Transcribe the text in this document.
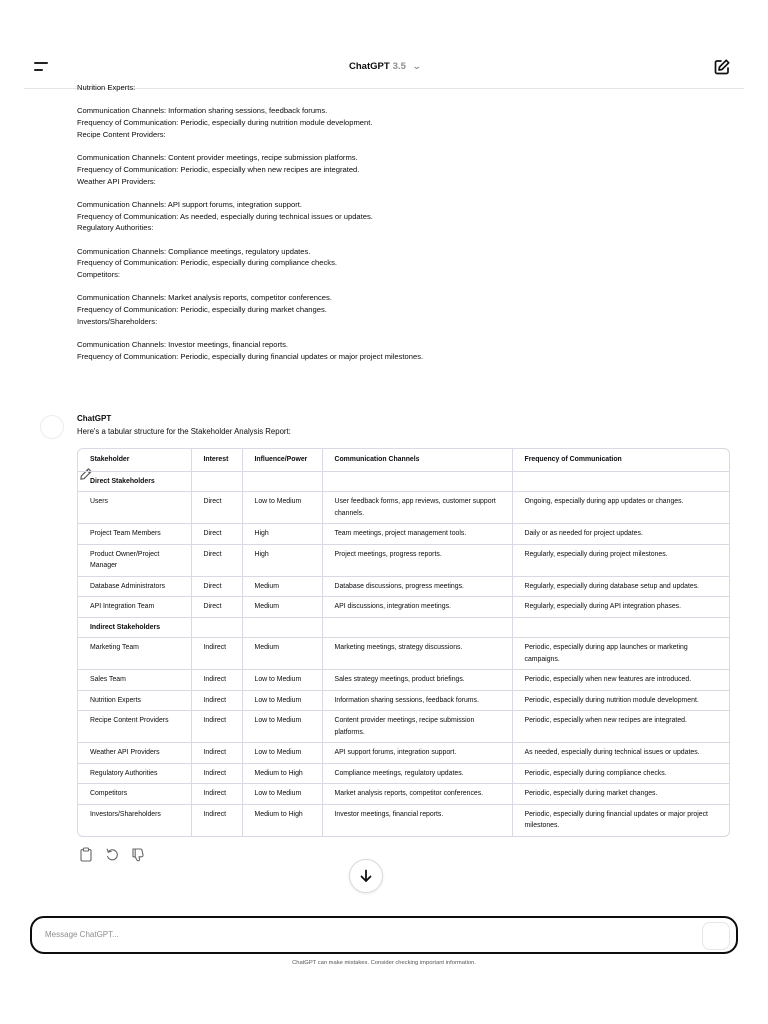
ChatGPT 3.5 ⌄
Nutrition Experts:
Communication Channels: Information sharing sessions, feedback forums.
Frequency of Communication: Periodic, especially during nutrition module development.
Recipe Content Providers:
Communication Channels: Content provider meetings, recipe submission platforms.
Frequency of Communication: Periodic, especially when new recipes are integrated.
Weather API Providers:
Communication Channels: API support forums, integration support.
Frequency of Communication: As needed, especially during technical issues or updates.
Regulatory Authorities:
Communication Channels: Compliance meetings, regulatory updates.
Frequency of Communication: Periodic, especially during compliance checks.
Competitors:
Communication Channels: Market analysis reports, competitor conferences.
Frequency of Communication: Periodic, especially during market changes.
Investors/Shareholders:
Communication Channels: Investor meetings, financial reports.
Frequency of Communication: Periodic, especially during financial updates or major project milestones.
ChatGPT
Here's a tabular structure for the Stakeholder Analysis Report:
Stakeholder	Interest	Influence/Power	Communication Channels	Frequency of Communication
Direct Stakeholders				
Users	Direct	Low to Medium	User feedback forms, app reviews, customer support channels.	Ongoing, especially during app updates or changes.
Project Team Members	Direct	High	Team meetings, project management tools.	Daily or as needed for project updates.
Product Owner/Project Manager	Direct	High	Project meetings, progress reports.	Regularly, especially during project milestones.
Database Administrators	Direct	Medium	Database discussions, progress meetings.	Regularly, especially during database setup and updates.
API Integration Team	Direct	Medium	API discussions, integration meetings.	Regularly, especially during API integration phases.
Indirect Stakeholders				
Marketing Team	Indirect	Medium	Marketing meetings, strategy discussions.	Periodic, especially during app launches or marketing campaigns.
Sales Team	Indirect	Low to Medium	Sales strategy meetings, product briefings.	Periodic, especially when new features are introduced.
Nutrition Experts	Indirect	Low to Medium	Information sharing sessions, feedback forums.	Periodic, especially during nutrition module development.
Recipe Content Providers	Indirect	Low to Medium	Content provider meetings, recipe submission platforms.	Periodic, especially when new recipes are integrated.
Weather API Providers	Indirect	Low to Medium	API support forums, integration support.	As needed, especially during technical issues or updates.
Regulatory Authorities	Indirect	Medium to High	Compliance meetings, regulatory updates.	Periodic, especially during compliance checks.
Competitors	Indirect	Low to Medium	Market analysis reports, competitor conferences.	Periodic, especially during market changes.
Investors/Shareholders	Indirect	Medium to High	Investor meetings, financial reports.	Periodic, especially during financial updates or major project milestones.
Message ChatGPT...
ChatGPT can make mistakes. Consider checking important information.
